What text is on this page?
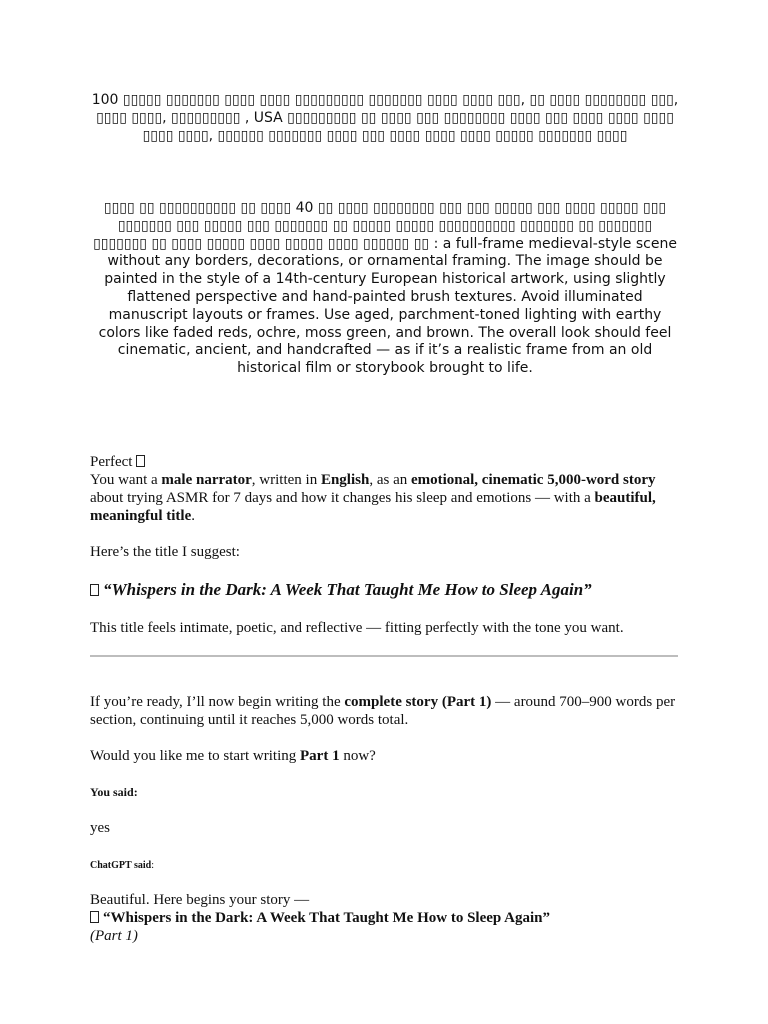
100 ▯▯▯▯▯ ▯▯▯▯▯▯▯ ▯▯▯▯ ▯▯▯▯ ▯▯▯▯▯▯▯▯▯ ▯▯▯▯▯▯▯ ▯▯▯▯ ▯▯▯▯ ▯▯▯, ▯▯ ▯▯▯▯ ▯▯▯▯▯▯▯▯ ▯▯▯, ▯▯▯▯ ▯▯▯▯, ▯▯▯▯▯▯▯▯▯ , USA ▯▯▯▯▯▯▯▯▯ ▯▯ ▯▯▯▯ ▯▯▯ ▯▯▯▯▯▯▯▯ ▯▯▯▯ ▯▯▯ ▯▯▯▯ ▯▯▯▯ ▯▯▯▯ ▯▯▯▯ ▯▯▯▯, ▯▯▯▯▯▯ ▯▯▯▯▯▯▯ ▯▯▯▯ ▯▯▯ ▯▯▯▯ ▯▯▯▯ ▯▯▯▯ ▯▯▯▯▯ ▯▯▯▯▯▯▯ ▯▯▯▯
▯▯▯▯ ▯▯ ▯▯▯▯▯▯▯▯▯▯ ▯▯ ▯▯▯▯ 40 ▯▯ ▯▯▯▯ ▯▯▯▯▯▯▯▯ ▯▯▯ ▯▯▯ ▯▯▯▯▯ ▯▯▯ ▯▯▯▯ ▯▯▯▯▯ ▯▯▯ ▯▯▯▯▯▯▯ ▯▯▯ ▯▯▯▯▯ ▯▯▯ ▯▯▯▯▯▯▯ ▯▯ ▯▯▯▯▯ ▯▯▯▯▯ ▯▯▯▯▯▯▯▯▯▯ ▯▯▯▯▯▯▯ ▯▯ ▯▯▯▯▯▯▯ ▯▯▯▯▯▯▯ ▯▯ ▯▯▯▯ ▯▯▯▯▯ ▯▯▯▯ ▯▯▯▯▯ ▯▯▯▯ ▯▯▯▯▯▯ ▯▯ : a full-frame medieval-style scene without any borders, decorations, or ornamental framing. The image should be painted in the style of a 14th-century European historical artwork, using slightly flattened perspective and hand-painted brush textures. Avoid illuminated manuscript layouts or frames. Use aged, parchment-toned lighting with earthy colors like faded reds, ochre, moss green, and brown. The overall look should feel cinematic, ancient, and handcrafted — as if it’s a realistic frame from an old historical film or storybook brought to life.

Perfect

You want a male narrator, written in English, as an emotional, cinematic 5,000-word story about trying ASMR for 7 days and how it changes his sleep and emotions — with a beautiful, meaningful title.

Here’s the title I suggest:

“Whispers in the Dark: A Week That Taught Me How to Sleep Again”

This title feels intimate, poetic, and reflective — fitting perfectly with the tone you want.

If you’re ready, I’ll now begin writing the complete story (Part 1) — around 700–900 words per section, continuing until it reaches 5,000 words total.

Would you like me to start writing Part 1 now?

You said:

yes

ChatGPT said:

Beautiful. Here begins your story —

“Whispers in the Dark: A Week That Taught Me How to Sleep Again”

(Part 1)
